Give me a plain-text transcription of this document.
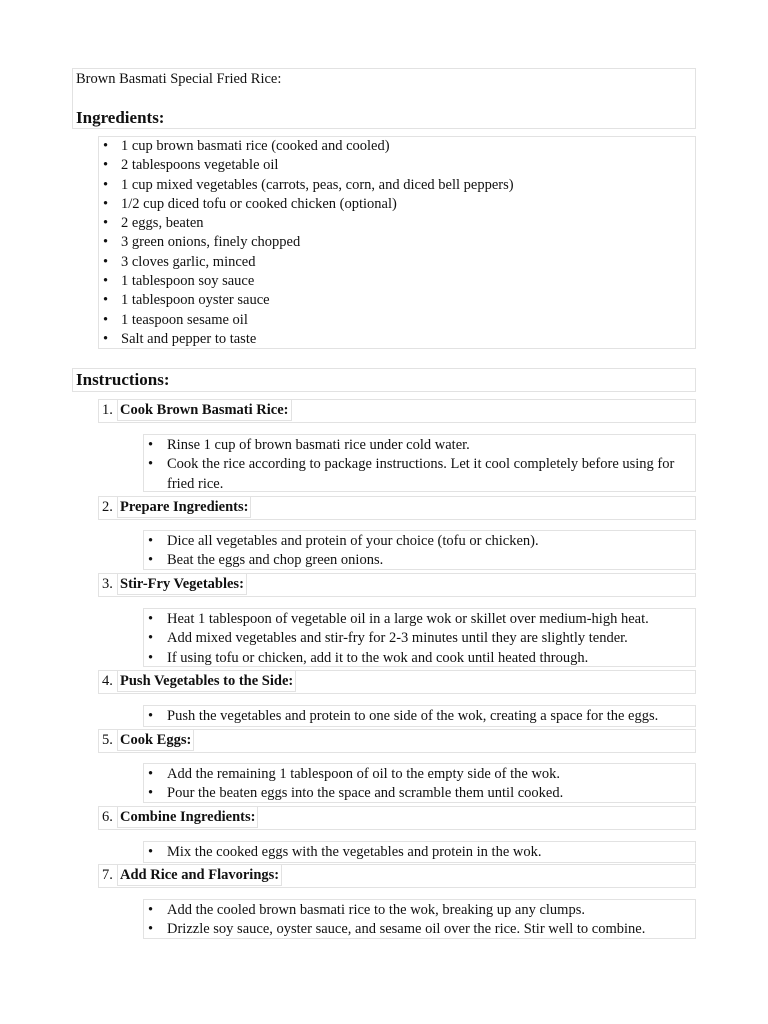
Brown Basmati Special Fried Rice:
Ingredients:
• 1 cup brown basmati rice (cooked and cooled)
• 2 tablespoons vegetable oil
• 1 cup mixed vegetables (carrots, peas, corn, and diced bell peppers)
• 1/2 cup diced tofu or cooked chicken (optional)
• 2 eggs, beaten
• 3 green onions, finely chopped
• 3 cloves garlic, minced
• 1 tablespoon soy sauce
• 1 tablespoon oyster sauce
• 1 teaspoon sesame oil
• Salt and pepper to taste
Instructions:
1. Cook Brown Basmati Rice:
• Rinse 1 cup of brown basmati rice under cold water.
• Cook the rice according to package instructions. Let it cool completely before using for fried rice.
2. Prepare Ingredients:
• Dice all vegetables and protein of your choice (tofu or chicken).
• Beat the eggs and chop green onions.
3. Stir-Fry Vegetables:
• Heat 1 tablespoon of vegetable oil in a large wok or skillet over medium-high heat.
• Add mixed vegetables and stir-fry for 2-3 minutes until they are slightly tender.
• If using tofu or chicken, add it to the wok and cook until heated through.
4. Push Vegetables to the Side:
• Push the vegetables and protein to one side of the wok, creating a space for the eggs.
5. Cook Eggs:
• Add the remaining 1 tablespoon of oil to the empty side of the wok.
• Pour the beaten eggs into the space and scramble them until cooked.
6. Combine Ingredients:
• Mix the cooked eggs with the vegetables and protein in the wok.
7. Add Rice and Flavorings:
• Add the cooled brown basmati rice to the wok, breaking up any clumps.
• Drizzle soy sauce, oyster sauce, and sesame oil over the rice. Stir well to combine.
